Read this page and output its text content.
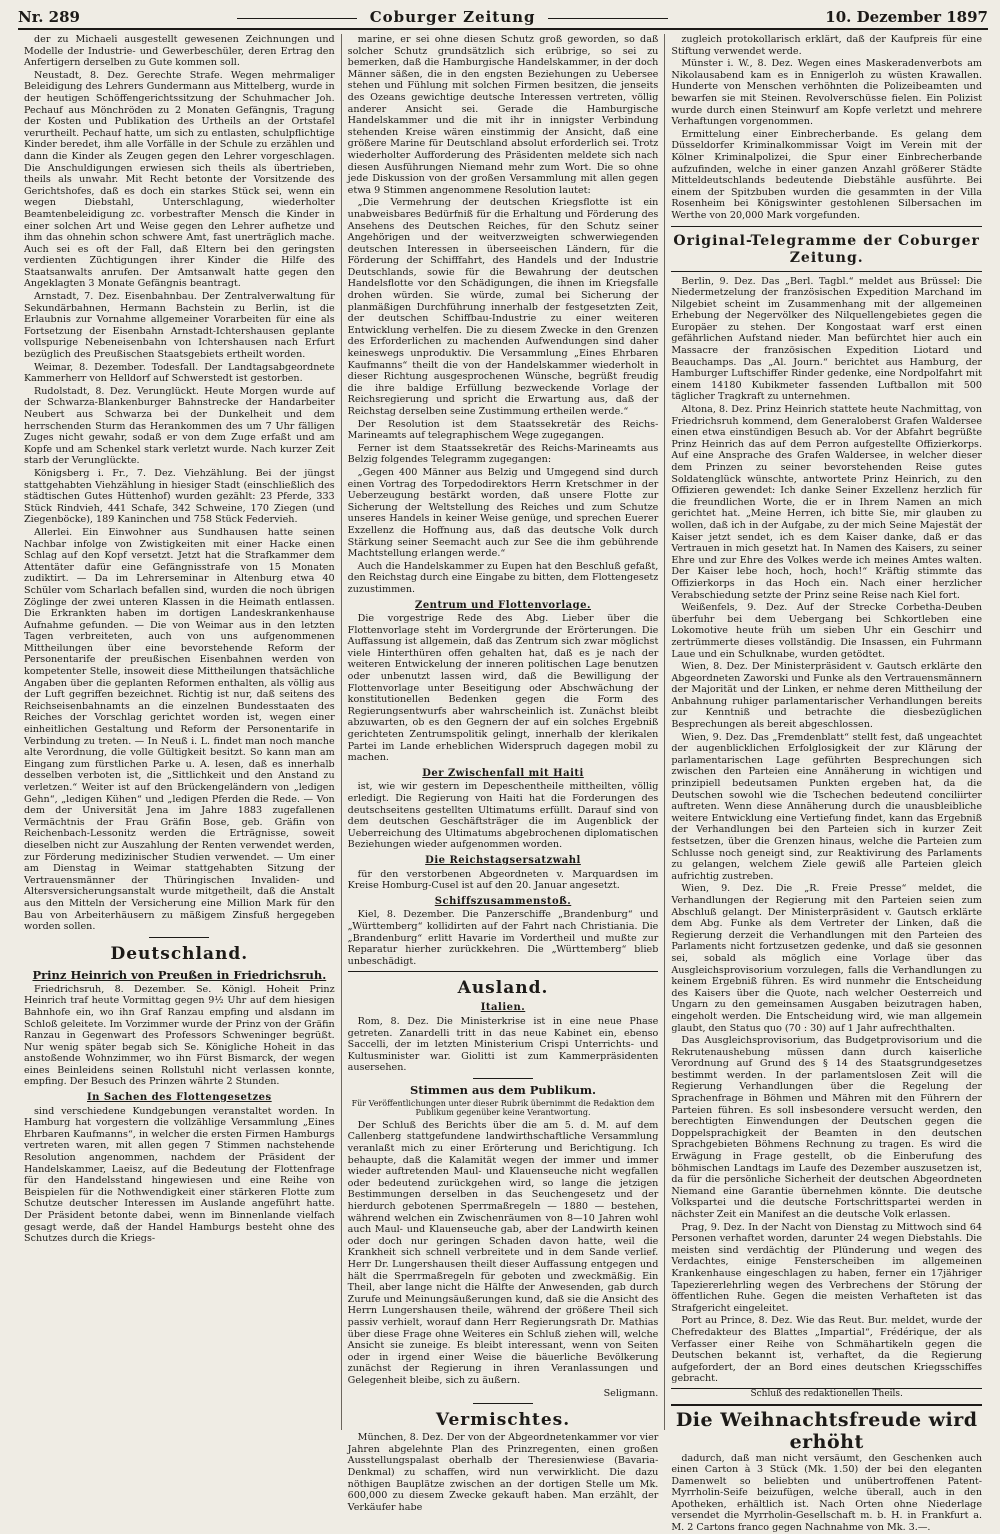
Nr. 289	Coburger Zeitung	10. Dezember 1897

der zu Michaeli ausgestellt gewesenen Zeichnungen und Modelle der Industrie- und Gewerbeschüler, deren Ertrag den Anfertigern derselben zu Gute kommen soll.

Neustadt, 8. Dez. Gerechte Strafe. Wegen mehrmaliger Beleidigung des Lehrers Gundermann aus Mittelberg, wurde in der heutigen Schöffengerichtssitzung der Schuhmacher Joh. Pechauf aus Mönchröden zu 2 Monaten Gefängnis, Tragung der Kosten und Publikation des Urtheils an der Ortstafel verurtheilt. Pechauf hatte, um sich zu entlasten, schulpflichtige Kinder beredet, ihm alle Vorfälle in der Schule zu erzählen und dann die Kinder als Zeugen gegen den Lehrer vorgeschlagen. Die Anschuldigungen erwiesen sich theils als übertrieben, theils als unwahr. Mit Recht betonte der Vorsitzende des Gerichtshofes, daß es doch ein starkes Stück sei, wenn ein wegen Diebstahl, Unterschlagung, wiederholter Beamtenbeleidigung zc. vorbestrafter Mensch die Kinder in einer solchen Art und Weise gegen den Lehrer aufhetze und ihm das ohnehin schon schwere Amt, fast unerträglich mache. Auch sei es oft der Fall, daß Eltern bei den geringsten verdienten Züchtigungen ihrer Kinder die Hilfe des Staatsanwalts anrufen. Der Amtsanwalt hatte gegen den Angeklagten 3 Monate Gefängnis beantragt.

Arnstadt, 7. Dez. Eisenbahnbau. Der Zentralverwaltung für Sekundärbahnen, Hermann Bachstein zu Berlin, ist die Erlaubnis zur Vornahme allgemeiner Vorarbeiten für eine als Fortsetzung der Eisenbahn Arnstadt-Ichtershausen geplante vollspurige Nebeneisenbahn von Ichtershausen nach Erfurt bezüglich des Preußischen Staatsgebiets ertheilt worden.

Weimar, 8. Dezember. Todesfall. Der Landtagsabgeordnete Kammerherr von Helldorf auf Schwerstedt ist gestorben.

Rudolstadt, 8. Dez. Verunglückt. Heute Morgen wurde auf der Schwarza-Blankenburger Bahnstrecke der Handarbeiter Neubert aus Schwarza bei der Dunkelheit und dem herrschenden Sturm das Herankommen des um 7 Uhr fälligen Zuges nicht gewahr, sodaß er von dem Zuge erfaßt und am Kopfe und am Schenkel stark verletzt wurde. Nach kurzer Zeit starb der Verunglückte.

Königsberg i. Fr., 7. Dez. Viehzählung. Bei der jüngst stattgehabten Viehzählung in hiesiger Stadt (einschließlich des städtischen Gutes Hüttenhof) wurden gezählt: 23 Pferde, 333 Stück Rindvieh, 441 Schafe, 342 Schweine, 170 Ziegen (und Ziegenböcke), 189 Kaninchen und 758 Stück Federvieh.

Allerlei. Ein Einwohner aus Sundhausen hatte seinen Nachbar infolge von Zwistigkeiten mit einer Hacke einen Schlag auf den Kopf versetzt. Jetzt hat die Strafkammer dem Attentäter dafür eine Gefängnisstrafe von 15 Monaten zudiktirt. — Da im Lehrerseminar in Altenburg etwa 40 Schüler vom Scharlach befallen sind, wurden die noch übrigen Zöglinge der zwei unteren Klassen in die Heimath entlassen. Die Erkrankten haben im dortigen Landeskrankenhause Aufnahme gefunden. — Die von Weimar aus in den letzten Tagen verbreiteten, auch von uns aufgenommenen Mittheilungen über eine bevorstehende Reform der Personentarife der preußischen Eisenbahnen werden von kompetenter Stelle, insoweit diese Mittheilungen thatsächliche Angaben über die geplanten Reformen enthalten, als völlig aus der Luft gegriffen bezeichnet. Richtig ist nur, daß seitens des Reichseisenbahnamts an die einzelnen Bundesstaaten des Reiches der Vorschlag gerichtet worden ist, wegen einer einheitlichen Gestaltung und Reform der Personentarife in Verbindung zu treten. — In Neuß i. L. findet man noch manche alte Verordnung, die volle Gültigkeit besitzt. So kann man am Eingang zum fürstlichen Parke u. A. lesen, daß es innerhalb desselben verboten ist, die „Sittlichkeit und den Anstand zu verletzen.“ Weiter ist auf den Brückengeländern von „ledigen Gehn“, „ledigen Kühen“ und „ledigen Pferden die Rede. — Von dem der Universität Jena im Jahre 1883 zugefallenen Vermächtnis der Frau Gräfin Bose, geb. Gräfin von Reichenbach-Lessonitz werden die Erträgnisse, soweit dieselben nicht zur Auszahlung der Renten verwendet werden, zur Förderung medizinischer Studien verwendet. — Um einer am Dienstag in Weimar stattgehabten Sitzung der Vertrauensmänner der Thüringischen Invaliden- und Altersversicherungsanstalt wurde mitgetheilt, daß die Anstalt aus den Mitteln der Versicherung eine Million Mark für den Bau von Arbeiterhäusern zu mäßigem Zinsfuß hergegeben worden sollen.

Deutschland.
Prinz Heinrich von Preußen in Friedrichsruh.

Friedrichsruh, 8. Dezember. Se. Königl. Hoheit Prinz Heinrich traf heute Vormittag gegen 9½ Uhr auf dem hiesigen Bahnhofe ein, wo ihn Graf Ranzau empfing und alsdann im Schloß geleitete. Im Vorzimmer wurde der Prinz von der Gräfin Ranzau in Gegenwart des Professors Schweninger begrüßt. Nur wenig später begab sich Se. Königliche Hoheit in das anstoßende Wohnzimmer, wo ihn Fürst Bismarck, der wegen eines Beinleidens seinen Rollstuhl nicht verlassen konnte, empfing. Der Besuch des Prinzen währte 2 Stunden.

In Sachen des Flottengesetzes

sind verschiedene Kundgebungen veranstaltet worden. In Hamburg hat vorgestern die vollzählige Versammlung „Eines Ehrbaren Kaufmanns“, in welcher die ersten Firmen Hamburgs vertreten waren, mit allen gegen 7 Stimmen nachstehende Resolution angenommen, nachdem der Präsident der Handelskammer, Laeisz, auf die Bedeutung der Flottenfrage für den Handelsstand hingewiesen und eine Reihe von Beispielen für die Nothwendigkeit einer stärkeren Flotte zum Schutze deutscher Interessen im Auslande angeführt hatte. Der Präsident betonte dabei, wenn im Binnenlande vielfach gesagt werde, daß der Handel Hamburgs besteht ohne des Schutzes durch die Kriegs-

marine, er sei ohne diesen Schutz groß geworden, so daß solcher Schutz grundsätzlich sich erübrige, so sei zu bemerken, daß die Hamburgische Handelskammer, in der doch Männer säßen, die in den engsten Beziehungen zu Uebersee stehen und Fühlung mit solchen Firmen besitzen, die jenseits des Ozeans gewichtige deutsche Interessen vertreten, völlig anderer Ansicht sei. Gerade die Hamburgische Handelskammer und die mit ihr in innigster Verbindung stehenden Kreise wären einstimmig der Ansicht, daß eine größere Marine für Deutschland absolut erforderlich sei. Trotz wiederholter Aufforderung des Präsidenten meldete sich nach diesen Ausführungen Niemand mehr zum Wort. Die so ohne jede Diskussion von der großen Versammlung mit allen gegen etwa 9 Stimmen angenommene Resolution lautet:

„Die Vermehrung der deutschen Kriegsflotte ist ein unabweisbares Bedürfniß für die Erhaltung und Förderung des Ansehens des Deutschen Reiches, für den Schutz seiner Angehörigen und der weitverzweigten schwerwiegenden deutschen Interessen in überseeischen Ländern, für die Förderung der Schifffahrt, des Handels und der Industrie Deutschlands, sowie für die Bewahrung der deutschen Handelsflotte vor den Schädigungen, die ihnen im Kriegsfalle drohen würden. Sie würde, zumal bei Sicherung der planmäßigen Durchführung innerhalb der festgesetzten Zeit, der deutschen Schiffbau-Industrie zu einer weiteren Entwicklung verhelfen. Die zu diesem Zwecke in den Grenzen des Erforderlichen zu machenden Aufwendungen sind daher keineswegs unproduktiv. Die Versammlung „Eines Ehrbaren Kaufmanns“ theilt die von der Handelskammer wiederholt in dieser Richtung ausgesprochenen Wünsche, begrüßt freudig die ihre baldige Erfüllung bezweckende Vorlage der Reichsregierung und spricht die Erwartung aus, daß der Reichstag derselben seine Zustimmung ertheilen werde.“

Der Resolution ist dem Staatssekretär des Reichs-Marineamts auf telegraphischem Wege zugegangen.

Ferner ist dem Staatssekretär des Reichs-Marineamts aus Belzig folgendes Telegramm zugegangen:

„Gegen 400 Männer aus Belzig und Umgegend sind durch einen Vortrag des Torpedodirektors Herrn Kretschmer in der Ueberzeugung bestärkt worden, daß unsere Flotte zur Sicherung der Weltstellung des Reiches und zum Schutze unseres Handels in keiner Weise genüge, und sprechen Euerer Exzellenz die Hoffnung aus, daß das deutsche Volk durch Stärkung seiner Seemacht auch zur See die ihm gebührende Machtstellung erlangen werde.“

Auch die Handelskammer zu Eupen hat den Beschluß gefaßt, den Reichstag durch eine Eingabe zu bitten, dem Flottengesetz zuzustimmen.

Zentrum und Flottenvorlage.

Die vorgestrige Rede des Abg. Lieber über die Flottenvorlage steht im Vordergrunde der Erörterungen. Die Auffassung ist allgemein, daß das Zentrum sich zwar möglichst viele Hinterthüren offen gehalten hat, daß es je nach der weiteren Entwickelung der inneren politischen Lage benutzen oder unbenutzt lassen wird, daß die Bewilligung der Flottenvorlage unter Beseitigung oder Abschwächung der konstitutionellen Bedenken gegen die Form des Regierungsentwurfs aber wahrscheinlich ist. Zunächst bleibt abzuwarten, ob es den Gegnern der auf ein solches Ergebniß gerichteten Zentrumspolitik gelingt, innerhalb der klerikalen Partei im Lande erheblichen Widerspruch dagegen mobil zu machen.

Der Zwischenfall mit Haiti

ist, wie wir gestern im Depeschentheile mittheilten, völlig erledigt. Die Regierung von Haiti hat die Forderungen des deutschseitens gestellten Ultimatums erfüllt. Darauf sind von dem deutschen Geschäftsträger die im Augenblick der Ueberreichung des Ultimatums abgebrochenen diplomatischen Beziehungen wieder aufgenommen worden.

Die Reichstagsersatzwahl

für den verstorbenen Abgeordneten v. Marquardsen im Kreise Homburg-Cusel ist auf den 20. Januar angesetzt.

Schiffszusammenstoß.

Kiel, 8. Dezember. Die Panzerschiffe „Brandenburg“ und „Württemberg“ kollidirten auf der Fahrt nach Christiania. Die „Brandenburg“ erlitt Havarie im Vordertheil und mußte zur Reparatur hierher zurückkehren. Die „Württemberg“ blieb unbeschädigt.

Ausland.
Italien.

Rom, 8. Dez. Die Ministerkrise ist in eine neue Phase getreten. Zanardelli tritt in das neue Kabinet ein, ebenso Saccelli, der im letzten Ministerium Crispi Unterrichts- und Kultusminister war. Giolitti ist zum Kammerpräsidenten ausersehen.

Stimmen aus dem Publikum.
Für Veröffentlichungen unter dieser Rubrik übernimmt die Redaktion dem Publikum gegenüber keine Verantwortung.

Der Schluß des Berichts über die am 5. d. M. auf dem Callenberg stattgefundene landwirthschaftliche Versammlung veranlaßt mich zu einer Erörterung und Berichtigung. Ich behaupte, daß die Kalamität wegen der immer und immer wieder auftretenden Maul- und Klauenseuche nicht wegfallen oder bedeutend zurückgehen wird, so lange die jetzigen Bestimmungen derselben in das Seuchengesetz und der hierdurch gebotenen Sperrmaßregeln — 1880 — bestehen, während welchen ein Zwischenräumen von 8—10 Jahren wohl auch Maul- und Klauenseuche gab, aber der Landwirth keinen oder doch nur geringen Schaden davon hatte, weil die Krankheit sich schnell verbreitete und in dem Sande verlief. Herr Dr. Lungershausen theilt dieser Auffassung entgegen und hält die Sperrmaßregeln für geboten und zweckmäßig. Ein Theil, aber lange nicht die Hälfte der Anwesenden, gab durch Zurufe und Meinungsäußerungen kund, daß sie die Ansicht des Herrn Lungershausen theile, während der größere Theil sich passiv verhielt, worauf dann Herr Regierungsrath Dr. Mathias über diese Frage ohne Weiteres ein Schluß ziehen will, welche Ansicht sie zuneige. Es bleibt interessant, wenn von Seiten oder in irgend einer Weise die bäuerliche Bevölkerung zunächst der Regierung in ihren Veranlassungen und Gelegenheit bleibe, sich zu äußern.

Seligmann.
Vermischtes.

München, 8. Dez. Der von der Abgeordnetenkammer vor vier Jahren abgelehnte Plan des Prinzregenten, einen großen Ausstellungspalast oberhalb der Theresienwiese (Bavaria-Denkmal) zu schaffen, wird nun verwirklicht. Die dazu nöthigen Bauplätze zwischen an der dortigen Stelle um Mk. 600,000 zu diesem Zwecke gekauft haben. Man erzählt, der Verkäufer habe

zugleich protokollarisch erklärt, daß der Kaufpreis für eine Stiftung verwendet werde.

Münster i. W., 8. Dez. Wegen eines Maskeradenverbots am Nikolausabend kam es in Ennigerloh zu wüsten Krawallen. Hunderte von Menschen verhöhnten die Polizeibeamten und bewarfen sie mit Steinen. Revolverschüsse fielen. Ein Polizist wurde durch einen Steinwurf am Kopfe verletzt und mehrere Verhaftungen vorgenommen.

Ermittelung einer Einbrecherbande. Es gelang dem Düsseldorfer Kriminalkommissar Voigt im Verein mit der Kölner Kriminalpolizei, die Spur einer Einbrecherbande aufzufinden, welche in einer ganzen Anzahl größerer Städte Mitteldeutschlands bedeutende Diebstähle ausführte. Bei einem der Spitzbuben wurden die gesammten in der Villa Rosenheim bei Königswinter gestohlenen Silbersachen im Werthe von 20,000 Mark vorgefunden.

Original-Telegramme der Coburger Zeitung.

Berlin, 9. Dez. Das „Berl. Tagbl.“ meldet aus Brüssel: Die Niedermetzelung der französischen Expedition Marchand im Nilgebiet scheint im Zusammenhang mit der allgemeinen Erhebung der Negervölker des Nilquellengebietes gegen die Europäer zu stehen. Der Kongostaat warf erst einen gefährlichen Aufstand nieder. Man befürchtet hier auch ein Massacre der französischen Expedition Liotard und Beauchamps. Das „Al. Journ.“ berichtet aus Hamburg, der Hamburger Luftschiffer Rinder gedenke, eine Nordpolfahrt mit einem 14180 Kubikmeter fassenden Luftballon mit 500 täglicher Tragkraft zu unternehmen.

Altona, 8. Dez. Prinz Heinrich stattete heute Nachmittag, von Friedrichsruh kommend, dem Generaloberst Grafen Waldersee einen etwa einstündigen Besuch ab. Vor der Abfahrt begrüßte Prinz Heinrich das auf dem Perron aufgestellte Offizierkorps. Auf eine Ansprache des Grafen Waldersee, in welcher dieser dem Prinzen zu seiner bevorstehenden Reise gutes Soldatenglück wünschte, antwortete Prinz Heinrich, zu den Offizieren gewendet: Ich danke Seiner Exzellenz herzlich für die freundlichen Worte, die er in Ihrem Namen an mich gerichtet hat. „Meine Herren, ich bitte Sie, mir glauben zu wollen, daß ich in der Aufgabe, zu der mich Seine Majestät der Kaiser jetzt sendet, ich es dem Kaiser danke, daß er das Vertrauen in mich gesetzt hat. In Namen des Kaisers, zu seiner Ehre und zur Ehre des Volkes werde ich meines Amtes walten. Der Kaiser lebe hoch, hoch, hoch!“ Kräftig stimmte das Offizierkorps in das Hoch ein. Nach einer herzlicher Verabschiedung setzte der Prinz seine Reise nach Kiel fort.

Weißenfels, 9. Dez. Auf der Strecke Corbetha-Deuben überfuhr bei dem Uebergang bei Schkortleben eine Lokomotive heute früh um sieben Uhr ein Geschirr und zertrümmerte dieses vollständig. Die Insassen, ein Fuhrmann Laue und ein Schulknabe, wurden getödtet.

Wien, 8. Dez. Der Ministerpräsident v. Gautsch erklärte den Abgeordneten Zaworski und Funke als den Vertrauensmännern der Majorität und der Linken, er nehme deren Mittheilung der Anbahnung ruhiger parlamentarischer Verhandlungen bereits zur Kenntniß und betrachte die diesbezüglichen Besprechungen als bereit abgeschlossen.

Wien, 9. Dez. Das „Fremdenblatt“ stellt fest, daß ungeachtet der augenblicklichen Erfolglosigkeit der zur Klärung der parlamentarischen Lage geführten Besprechungen sich zwischen den Parteien eine Annäherung in wichtigen und prinzipiell bedeutsamen Punkten ergeben hat, da die Deutschen sowohl wie die Tschechen bedeutend conciliirter auftreten. Wenn diese Annäherung durch die unausbleibliche weitere Entwicklung eine Vertiefung findet, kann das Ergebniß der Verhandlungen bei den Parteien sich in kurzer Zeit festsetzen, über die Grenzen hinaus, welche die Parteien zum Schlusse noch geneigt sind, zur Reaktivirung des Parlaments zu gelangen, welchem Ziele gewiß alle Parteien gleich aufrichtig zustreben.

Wien, 9. Dez. Die „R. Freie Presse“ meldet, die Verhandlungen der Regierung mit den Parteien seien zum Abschluß gelangt. Der Ministerpräsident v. Gautsch erklärte dem Abg. Funke als dem Vertreter der Linken, daß die Regierung derzeit die Verhandlungen mit den Parteien des Parlaments nicht fortzusetzen gedenke, und daß sie gesonnen sei, sobald als möglich eine Vorlage über das Ausgleichsprovisorium vorzulegen, falls die Verhandlungen zu keinem Ergebniß führen. Es wird nunmehr die Entscheidung des Kaisers über die Quote, nach welcher Oesterreich und Ungarn zu den gemeinsamen Ausgaben beizutragen haben, eingeholt werden. Die Entscheidung wird, wie man allgemein glaubt, den Status quo (70 : 30) auf 1 Jahr aufrechthalten.

Das Ausgleichsprovisorium, das Budgetprovisorium und die Rekrutenaushebung müssen dann durch kaiserliche Verordnung auf Grund des § 14 des Staatsgrundgesetzes bestimmt werden. In der parlamentslosen Zeit will die Regierung Verhandlungen über die Regelung der Sprachenfrage in Böhmen und Mähren mit den Führern der Parteien führen. Es soll insbesondere versucht werden, den berechtigten Einwendungen der Deutschen gegen die Doppelsprachigkeit der Beamten in den deutschen Sprachgebieten Böhmens Rechnung zu tragen. Es wird die Erwägung in Frage gestellt, ob die Einberufung des böhmischen Landtags im Laufe des Dezember auszusetzen ist, da für die persönliche Sicherheit der deutschen Abgeordneten Niemand eine Garantie übernehmen könnte. Die deutsche Volkspartei und die deutsche Fortschrittspartei werden in nächster Zeit ein Manifest an die deutsche Volk erlassen.

Prag, 9. Dez. In der Nacht von Dienstag zu Mittwoch sind 64 Personen verhaftet worden, darunter 24 wegen Diebstahls. Die meisten sind verdächtig der Plünderung und wegen des Verdachtes, einige Fensterscheiben im allgemeinen Krankenhause eingeschlagen zu haben, ferner ein 17jähriger Tapeziererlehrling wegen des Verbrechens der Störung der öffentlichen Ruhe. Gegen die meisten Verhafteten ist das Strafgericht eingeleitet.

Port au Prince, 8. Dez. Wie das Reut. Bur. meldet, wurde der Chefredakteur des Blattes „Impartial“, Frédérique, der als Verfasser einer Reihe von Schmähartikeln gegen die Deutschen bekannt ist, verhaftet, da die Regierung aufgefordert, der an Bord eines deutschen Kriegsschiffes gebracht.

Schluß des redaktionellen Theils.
Die Weihnachtsfreude wird erhöht

dadurch, daß man nicht versäumt, den Geschenken auch einen Carton à 3 Stück (Mk. 1.50) der bei den eleganten Damenwelt so beliebten und unübertroffenen Patent-Myrrholin-Seife beizufügen, welche überall, auch in den Apotheken, erhältlich ist. Nach Orten ohne Niederlage versendet die Myrrholin-Gesellschaft m. b. H. in Frankfurt a. M. 2 Cartons franco gegen Nachnahme von Mk. 3.—.
